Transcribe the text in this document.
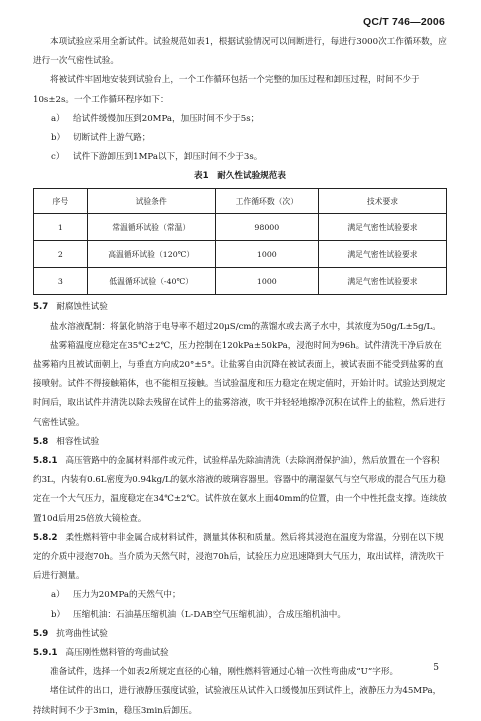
QC/T 746—2006

本项试验应采用全新试件。试验规范如表1，根据试验情况可以间断进行，每进行3000次工作循环数，应进行一次气密性试验。

将被试件牢固地安装到试验台上，一个工作循环包括一个完整的加压过程和卸压过程，时间不少于10s±2s。一个工作循环程序如下：

a） 给试件缓慢加压到20MPa，加压时间不少于5s；
b） 切断试件上游气路；
c） 试件下游卸压到1MPa以下，卸压时间不少于3s。
表1　耐久性试验规范表
序号	试验条件	工作循环数（次）	技术要求
1	常温循环试验（常温）	98000	满足气密性试验要求
2	高温循环试验（120℃）	1000	满足气密性试验要求
3	低温循环试验（-40℃）	1000	满足气密性试验要求
5.7 耐腐蚀性试验

盐水溶液配制：将氯化钠溶于电导率不超过20μS/cm的蒸馏水或去离子水中，其浓度为50g/L±5g/L。

盐雾箱温度应稳定在35℃±2℃，压力控制在120kPa±50kPa，浸泡时间为96h。试件清洗干净后放在盐雾箱内且被试面朝上，与垂直方向成20°±5°。让盐雾自由沉降在被试表面上，被试表面不能受到盐雾的直接喷射。试件不得接触箱体，也不能相互接触。当试验温度和压力稳定在规定值时，开始计时。试验达到规定时间后，取出试件并清洗以除去残留在试件上的盐雾溶液，吹干并轻轻地擦净沉积在试件上的盐粒，然后进行气密性试验。

5.8 相容性试验

5.8.1 高压管路中的金属材料部件或元件，试验样品先除油清洗（去除润滑保护油），然后放置在一个容积约3L，内装有0.6L密度为0.94kg/L的氨水溶液的玻璃容器里。容器中的潮湿氨气与空气形成的混合气压力稳定在一个大气压力，温度稳定在34℃±2℃。试件放在氨水上面40mm的位置，由一个中性托盘支撑。连续放置10d后用25倍放大镜检查。

5.8.2 柔性燃料管中非金属合成材料试件，测量其体积和质量。然后将其浸泡在温度为常温，分别在以下规定的介质中浸泡70h。当介质为天然气时，浸泡70h后，试验压力应迅速降到大气压力，取出试样，清洗吹干后进行测量。

a） 压力为20MPa的天然气中；
b） 压缩机油：石油基压缩机油（L-DAB空气压缩机油），合成压缩机油中。
5.9 抗弯曲性试验
5.9.1 高压刚性燃料管的弯曲试验

准备试件，选择一个如表2所规定直径的心轴，刚性燃料管通过心轴一次性弯曲成“U”字形。

堵住试件的出口，进行液静压强度试验，试验液压从试件入口缓慢加压到试件上，液静压力为45MPa，持续时间不少于3min，稳压3min后卸压。

5
